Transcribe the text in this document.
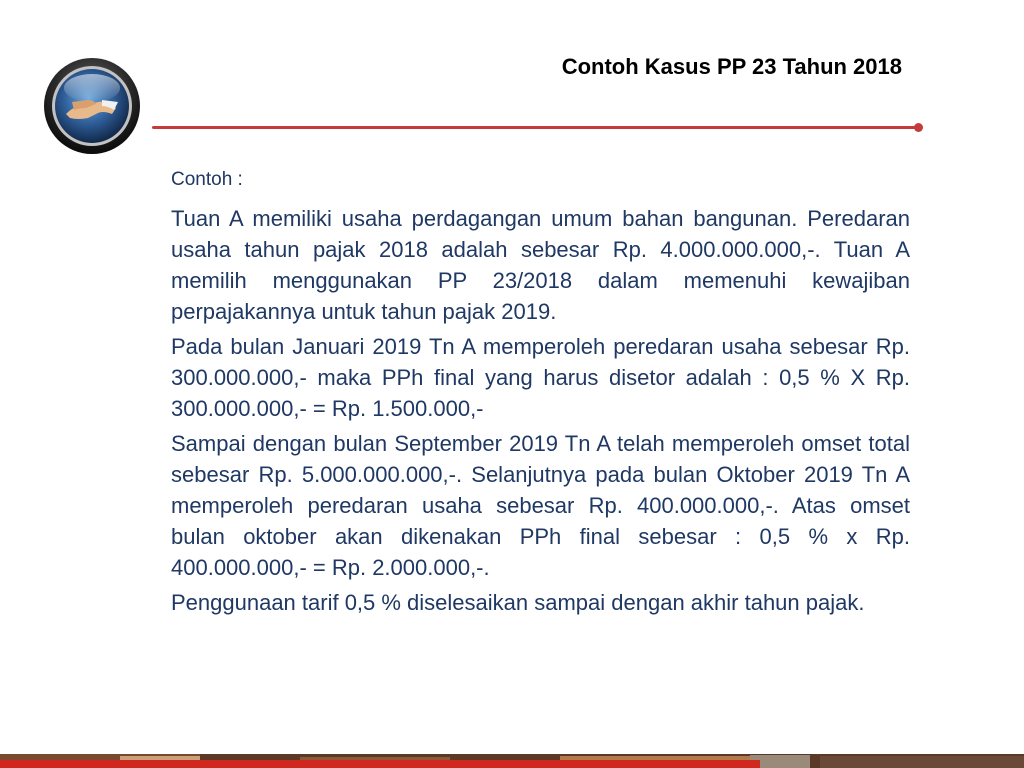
Contoh Kasus PP 23 Tahun 2018
Contoh :

Tuan A memiliki usaha perdagangan umum bahan bangunan. Peredaran usaha tahun pajak 2018 adalah sebesar Rp. 4.000.000.000,-. Tuan A memilih menggunakan PP 23/2018 dalam memenuhi kewajiban perpajakannya untuk tahun pajak 2019.

Pada bulan Januari 2019 Tn A memperoleh peredaran usaha sebesar Rp. 300.000.000,- maka PPh final yang harus disetor adalah : 0,5 % X Rp. 300.000.000,- = Rp. 1.500.000,-

Sampai dengan bulan September 2019 Tn A telah memperoleh omset total sebesar Rp. 5.000.000.000,-. Selanjutnya pada bulan Oktober 2019 Tn A memperoleh peredaran usaha sebesar Rp. 400.000.000,-. Atas omset bulan oktober akan dikenakan PPh final sebesar : 0,5 % x Rp. 400.000.000,- = Rp. 2.000.000,-.

Penggunaan tarif 0,5 % diselesaikan sampai dengan akhir tahun pajak.
